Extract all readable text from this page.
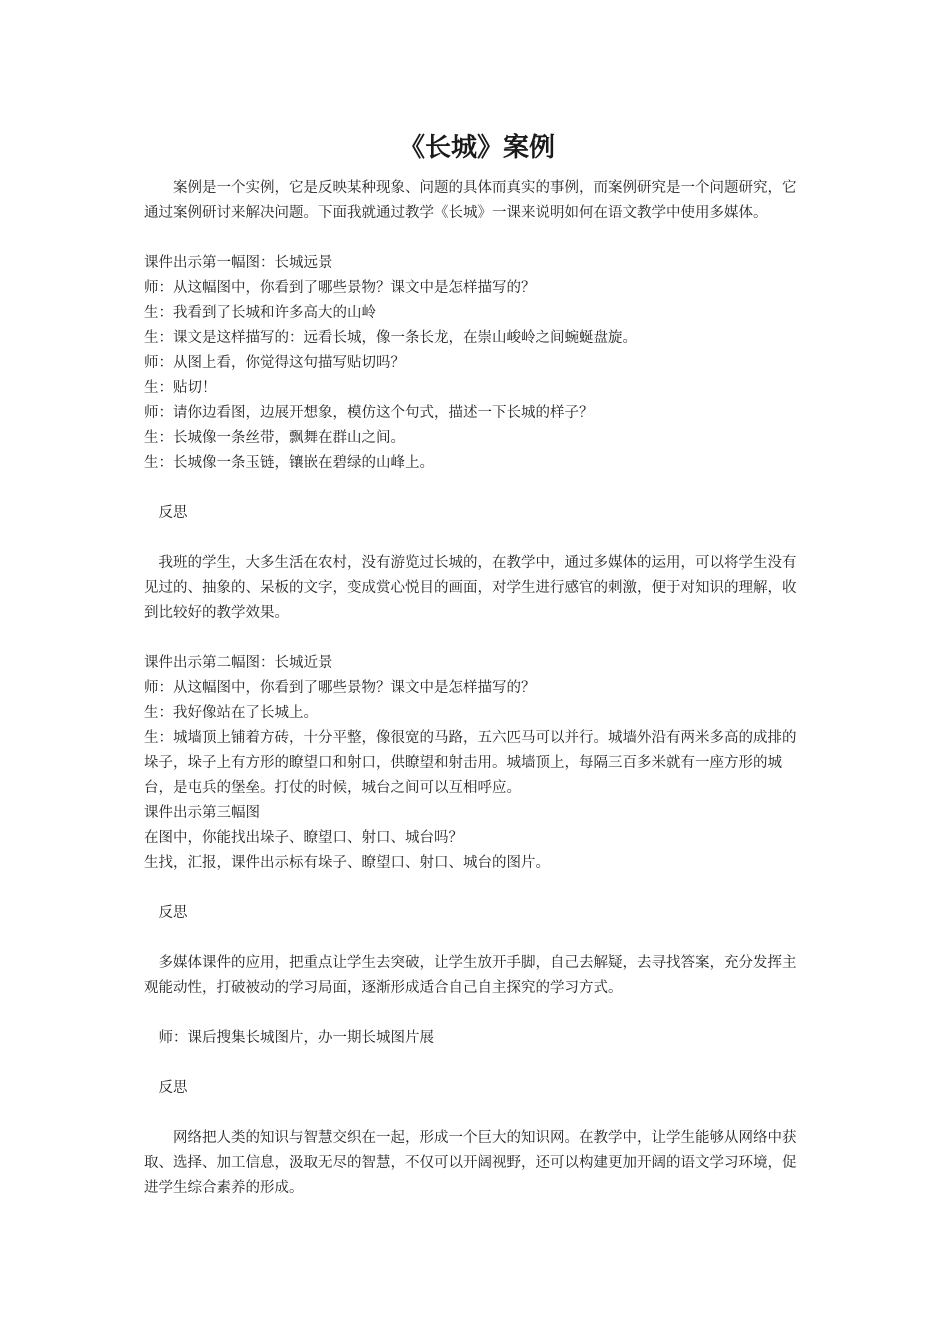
《长城》案例

案例是一个实例，它是反映某种现象、问题的具体而真实的事例，而案例研究是一个问题研究，它通过案例研讨来解决问题。下面我就通过教学《长城》一课来说明如何在语文教学中使用多媒体。

课件出示第一幅图：长城远景

师：从这幅图中，你看到了哪些景物？课文中是怎样描写的？

生：我看到了长城和许多高大的山岭

生：课文是这样描写的：远看长城，像一条长龙，在崇山峻岭之间蜿蜒盘旋。

师：从图上看，你觉得这句描写贴切吗？

生：贴切！

师：请你边看图，边展开想象，模仿这个句式，描述一下长城的样子？

生：长城像一条丝带，飘舞在群山之间。

生：长城像一条玉链，镶嵌在碧绿的山峰上。

反思

我班的学生，大多生活在农村，没有游览过长城的，在教学中，通过多媒体的运用，可以将学生没有见过的、抽象的、呆板的文字，变成赏心悦目的画面，对学生进行感官的刺激，便于对知识的理解，收到比较好的教学效果。

课件出示第二幅图：长城近景

师：从这幅图中，你看到了哪些景物？课文中是怎样描写的？

生：我好像站在了长城上。

生：城墙顶上铺着方砖，十分平整，像很宽的马路，五六匹马可以并行。城墙外沿有两米多高的成排的垛子，垛子上有方形的瞭望口和射口，供瞭望和射击用。城墙顶上，每隔三百多米就有一座方形的城台，是屯兵的堡垒。打仗的时候，城台之间可以互相呼应。

课件出示第三幅图

在图中，你能找出垛子、瞭望口、射口、城台吗？

生找，汇报，课件出示标有垛子、瞭望口、射口、城台的图片。

反思

多媒体课件的应用，把重点让学生去突破，让学生放开手脚，自己去解疑，去寻找答案，充分发挥主观能动性，打破被动的学习局面，逐渐形成适合自己自主探究的学习方式。

师：课后搜集长城图片，办一期长城图片展

反思

网络把人类的知识与智慧交织在一起，形成一个巨大的知识网。在教学中，让学生能够从网络中获取、选择、加工信息，汲取无尽的智慧，不仅可以开阔视野，还可以构建更加开阔的语文学习环境，促进学生综合素养的形成。
